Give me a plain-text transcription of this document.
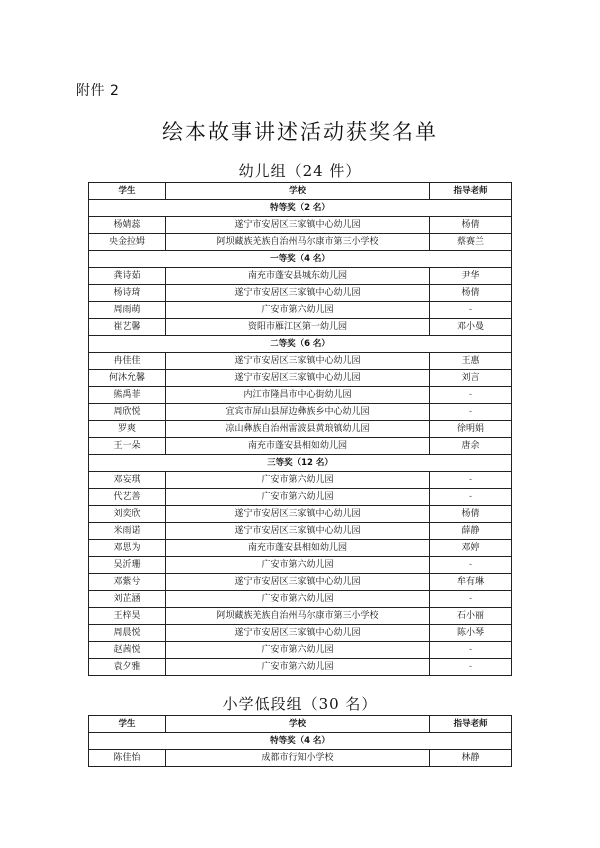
附件 2
绘本故事讲述活动获奖名单
幼儿组（24 件）
学生	学校	指导老师
特等奖（2 名）		
杨婧蕊	遂宁市安居区三家镇中心幼儿园	杨倩
央金拉姆	阿坝藏族羌族自治州马尔康市第三小学校	蔡赛兰
一等奖（4 名）		
龚诗茹	南充市蓬安县城东幼儿园	尹华
杨诗琦	遂宁市安居区三家镇中心幼儿园	杨倩
周雨萌	广安市第六幼儿园	-
崔艺馨	资阳市雁江区第一幼儿园	邓小曼
二等奖（6 名）		
冉佳佳	遂宁市安居区三家镇中心幼儿园	王惠
何沐允馨	遂宁市安居区三家镇中心幼儿园	刘言
熊禹菲	内江市隆昌市中心街幼儿园	-
周欣悦	宜宾市屏山县屏边彝族乡中心幼儿园	-
罗爽	凉山彝族自治州雷波县黄琅镇幼儿园	徐明娟
王一朵	南充市蓬安县相如幼儿园	唐余
三等奖（12 名）		
邓妄琪	广安市第六幼儿园	-
代艺善	广安市第六幼儿园	-
刘奕欣	遂宁市安居区三家镇中心幼儿园	杨倩
米雨诺	遂宁市安居区三家镇中心幼儿园	薛静
邓思为	南充市蓬安县相如幼儿园	邓婷
吴沂珊	广安市第六幼儿园	-
邓紫兮	遂宁市安居区三家镇中心幼儿园	牟有琳
刘芷涵	广安市第六幼儿园	-
王梓昊	阿坝藏族羌族自治州马尔康市第三小学校	石小丽
周晨悦	遂宁市安居区三家镇中心幼儿园	陈小琴
赵茜悦	广安市第六幼儿园	-
袁夕雅	广安市第六幼儿园	-
小学低段组（30 名）
学生	学校	指导老师
特等奖（4 名）		
陈佳怡	成都市行知小学校	林静
